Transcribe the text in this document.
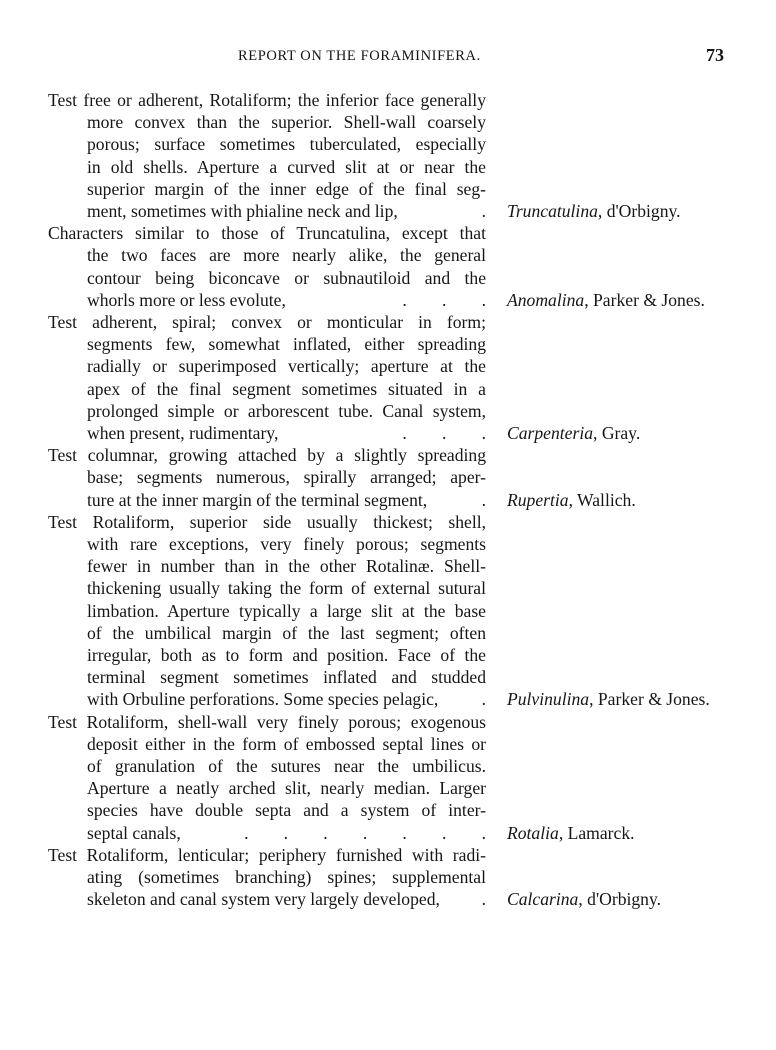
REPORT ON THE FORAMINIFERA.	73
Test free or adherent, Rotaliform; the inferior face generally
more convex than the superior. Shell-wall coarsely
porous; surface sometimes tuberculated, especially
in old shells. Aperture a curved slit at or near the
superior margin of the inner edge of the final seg-
ment, sometimes with phialine neck and lip,	. Truncatulina, d'Orbigny.
Characters similar to those of Truncatulina, except that
the two faces are more nearly alike, the general
contour being biconcave or subnautiloid and the
whorls more or less evolute,	.        .        . Anomalina, Parker & Jones.
Test adherent, spiral; convex or monticular in form;
segments few, somewhat inflated, either spreading
radially or superimposed vertically; aperture at the
apex of the final segment sometimes situated in a
prolonged simple or arborescent tube. Canal system,
when present, rudimentary,	.        .        . Carpenteria, Gray.
Test columnar, growing attached by a slightly spreading
base; segments numerous, spirally arranged; aper-
ture at the inner margin of the terminal segment,	. Rupertia, Wallich.
Test Rotaliform, superior side usually thickest; shell,
with rare exceptions, very finely porous; segments
fewer in number than in the other Rotalinæ. Shell-
thickening usually taking the form of external sutural
limbation. Aperture typically a large slit at the base
of the umbilical margin of the last segment; often
irregular, both as to form and position. Face of the
terminal segment sometimes inflated and studded
with Orbuline perforations. Some species pelagic, . Pulvinulina, Parker & Jones.
Test Rotaliform, shell-wall very finely porous; exogenous
deposit either in the form of embossed septal lines or
of granulation of the sutures near the umbilicus.
Aperture a neatly arched slit, nearly median. Larger
species have double septa and a system of inter-
septal canals,	.        .        .        .        .        .        . Rotalia, Lamarck.
Test Rotaliform, lenticular; periphery furnished with radi-
ating (sometimes branching) spines; supplemental
skeleton and canal system very largely developed, . Calcarina, d'Orbigny.
